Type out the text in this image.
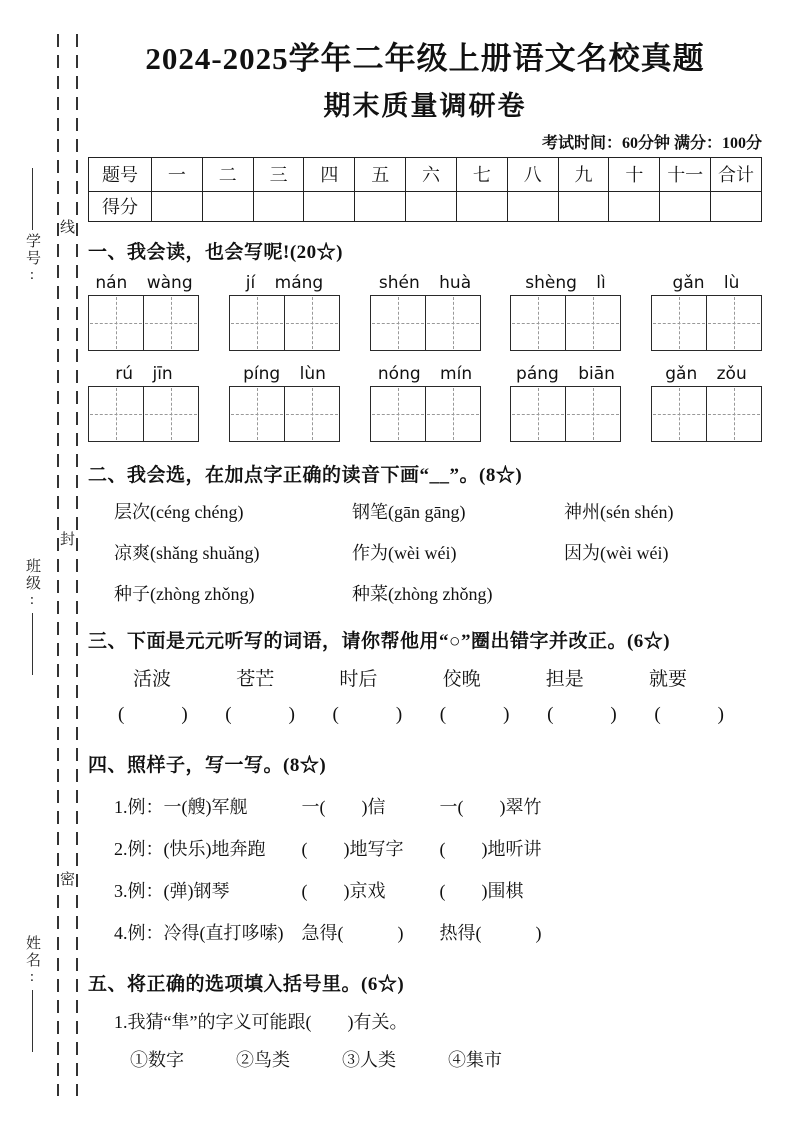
线
封
密
学号:
班级:
姓名:
2024-2025学年二年级上册语文名校真题
期末质量调研卷
考试时间：60分钟 满分：100分
题号	一	二	三	四	五	六	七	八	九	十	十一	合计
得分												
一、我会读，也会写呢!(20☆)
nán wàng	jí máng	shén huà	shèng lì	gǎn lù
rú jīn	píng lùn	nóng mín	páng biān	gǎn zǒu
二、我会选，在加点字正确的读音下画“__”。(8☆)
层次(céng chéng)	钢笔(gān gāng)	神州(sén shén)
凉爽(shǎng shuǎng)	作为(wèi wéi)	因为(wèi wéi)
种子(zhòng zhǒng)	种菜(zhòng zhǒng)
三、下面是元元听写的词语，请你帮他用“○”圈出错字并改正。(6☆)
活波	苍芒	时后	佼晚	担是	就要
(　　　) (　　　) (　　　) (　　　) (　　　) (　　　)
四、照样子，写一写。(8☆)
1.例：一(艘)军舰　　　一(　　)信　　　一(　　)翠竹
2.例：(快乐)地奔跑　　(　　)地写字　　(　　)地听讲
3.例：(弹)钢琴　　　　(　　)京戏　　　(　　)围棋
4.例：冷得(直打哆嗦)　急得(　　　)　　热得(　　　)
五、将正确的选项填入括号里。(6☆)
1.我猜“隼”的字义可能跟(　　)有关。
①数字	②鸟类	③人类	④集市
